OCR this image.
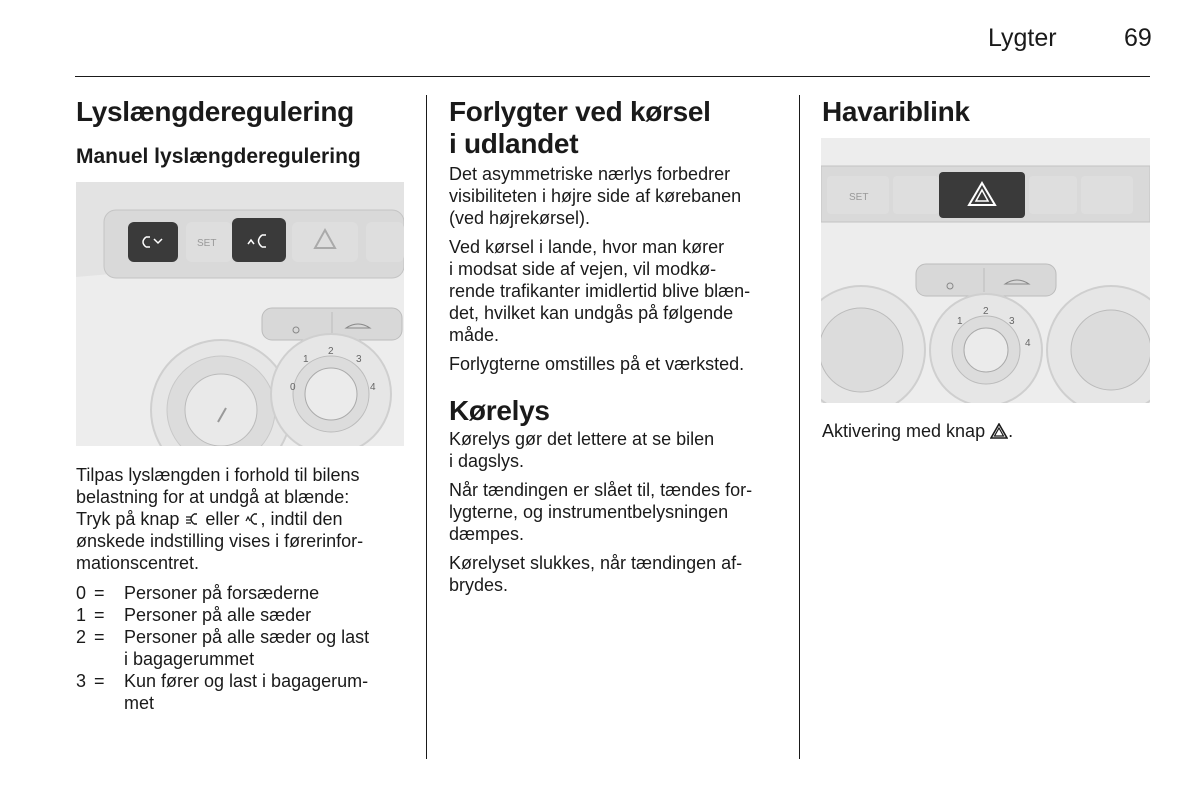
Lygter	69
Lyslængderegulering
Manuel lyslængderegulering
SET
0
1
2
3
4

Tilpas lyslængden i forhold til bilens
belastning for at undgå at blænde:
Tryk på knap eller , indtil den
ønskede indstilling vises i førerinfor-
mationscentret.

0 =	Personer på forsæderne
1 =	Personer på alle sæder
2 =	Personer på alle sæder og last
i bagagerummet
3 =	Kun fører og last i bagagerum-
met
Forlygter ved kørsel
i udlandet

Det asymmetriske nærlys forbedrer
visibiliteten i højre side af kørebanen
(ved højrekørsel).

Ved kørsel i lande, hvor man kører
i modsat side af vejen, vil modkø-
rende trafikanter imidlertid blive blæn-
det, hvilket kan undgås på følgende
måde.

Forlygterne omstilles på et værksted.

Kørelys

Kørelys gør det lettere at se bilen
i dagslys.

Når tændingen er slået til, tændes for-
lygterne, og instrumentbelysningen
dæmpes.

Kørelyset slukkes, når tændingen af-
brydes.

Havariblink
SET
1
2
3
4

Aktivering med knap .
